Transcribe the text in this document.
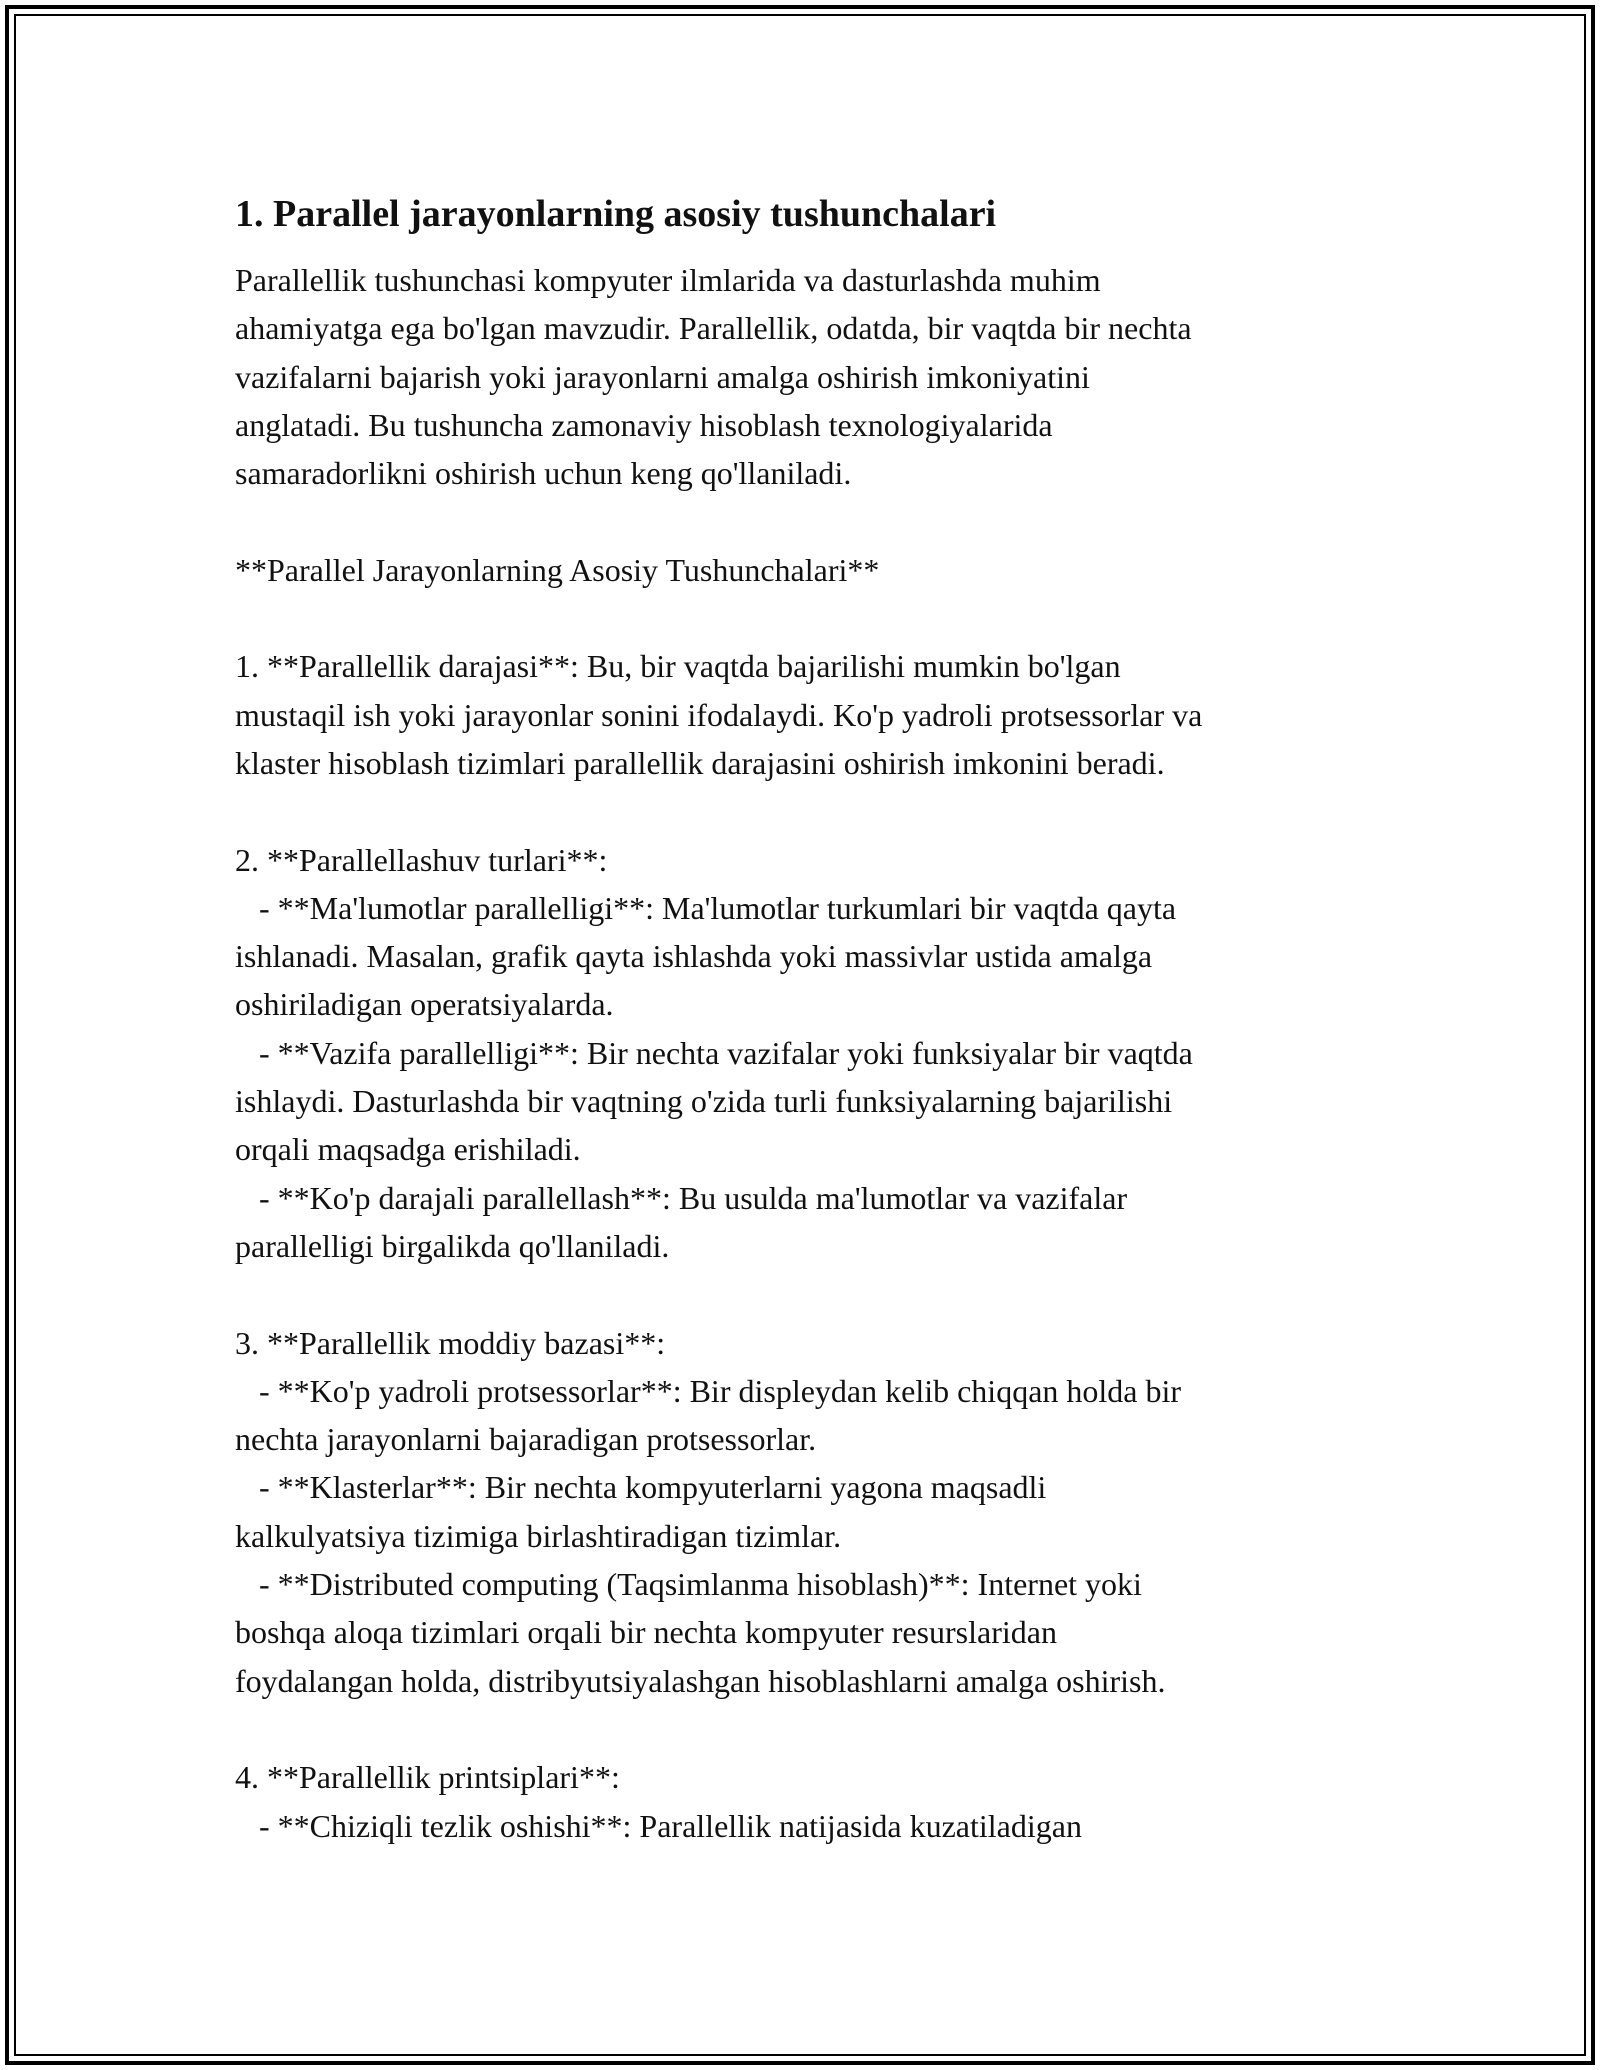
1. Parallel jarayonlarning asosiy tushunchalari
Parallellik tushunchasi kompyuter ilmlarida va dasturlashda muhim
ahamiyatga ega bo'lgan mavzudir. Parallellik, odatda, bir vaqtda bir nechta
vazifalarni bajarish yoki jarayonlarni amalga oshirish imkoniyatini
anglatadi. Bu tushuncha zamonaviy hisoblash texnologiyalarida
samaradorlikni oshirish uchun keng qo'llaniladi.
**Parallel Jarayonlarning Asosiy Tushunchalari**
1. **Parallellik darajasi**: Bu, bir vaqtda bajarilishi mumkin bo'lgan
mustaqil ish yoki jarayonlar sonini ifodalaydi. Ko'p yadroli protsessorlar va
klaster hisoblash tizimlari parallellik darajasini oshirish imkonini beradi.
2. **Parallellashuv turlari**:
- **Ma'lumotlar parallelligi**: Ma'lumotlar turkumlari bir vaqtda qayta
ishlanadi. Masalan, grafik qayta ishlashda yoki massivlar ustida amalga
oshiriladigan operatsiyalarda.
- **Vazifa parallelligi**: Bir nechta vazifalar yoki funksiyalar bir vaqtda
ishlaydi. Dasturlashda bir vaqtning o'zida turli funksiyalarning bajarilishi
orqali maqsadga erishiladi.
- **Ko'p darajali parallellash**: Bu usulda ma'lumotlar va vazifalar
parallelligi birgalikda qo'llaniladi.
3. **Parallellik moddiy bazasi**:
- **Ko'p yadroli protsessorlar**: Bir displeydan kelib chiqqan holda bir
nechta jarayonlarni bajaradigan protsessorlar.
- **Klasterlar**: Bir nechta kompyuterlarni yagona maqsadli
kalkulyatsiya tizimiga birlashtiradigan tizimlar.
- **Distributed computing (Taqsimlanma hisoblash)**: Internet yoki
boshqa aloqa tizimlari orqali bir nechta kompyuter resurslaridan
foydalangan holda, distribyutsiyalashgan hisoblashlarni amalga oshirish.
4. **Parallellik printsiplari**:
- **Chiziqli tezlik oshishi**: Parallellik natijasida kuzatiladigan
